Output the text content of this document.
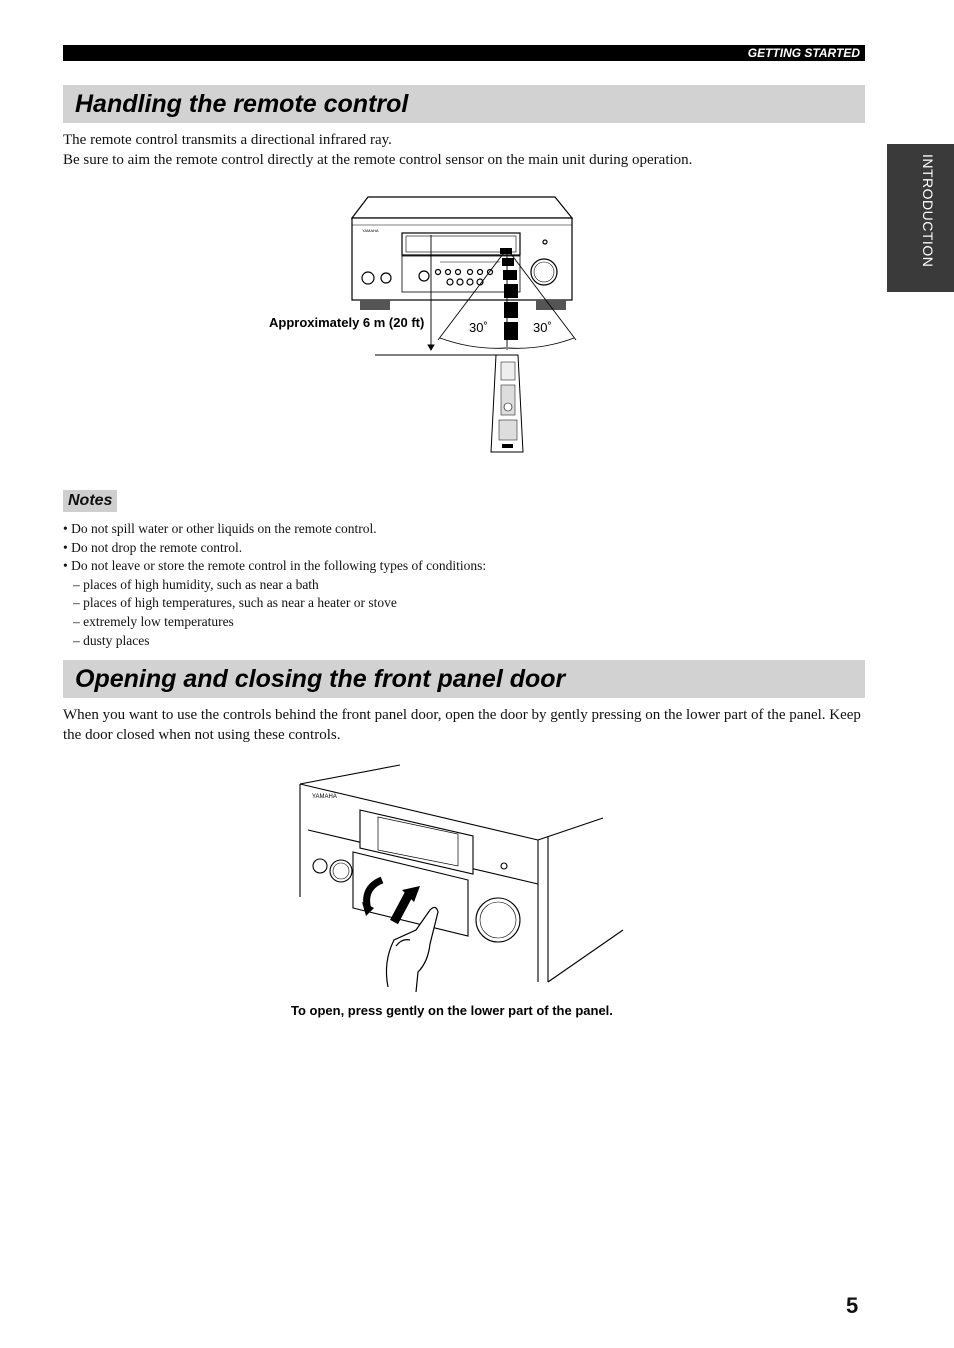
GETTING STARTED
INTRODUCTION
Handling the remote control

The remote control transmits a directional infrared ray.

Be sure to aim the remote control directly at the remote control sensor on the main unit during operation.

YAMAHA
Approximately 6 m (20 ft)	30˚	30˚
Notes
• Do not spill water or other liquids on the remote control.
• Do not drop the remote control.
• Do not leave or store the remote control in the following types of conditions:
– places of high humidity, such as near a bath
– places of high temperatures, such as near a heater or stove
– extremely low temperatures
– dusty places
Opening and closing the front panel door

When you want to use the controls behind the front panel door, open the door by gently pressing on the lower part of the panel. Keep the door closed when not using these controls.

YAMAHA
To open, press gently on the lower part of the panel.
5
